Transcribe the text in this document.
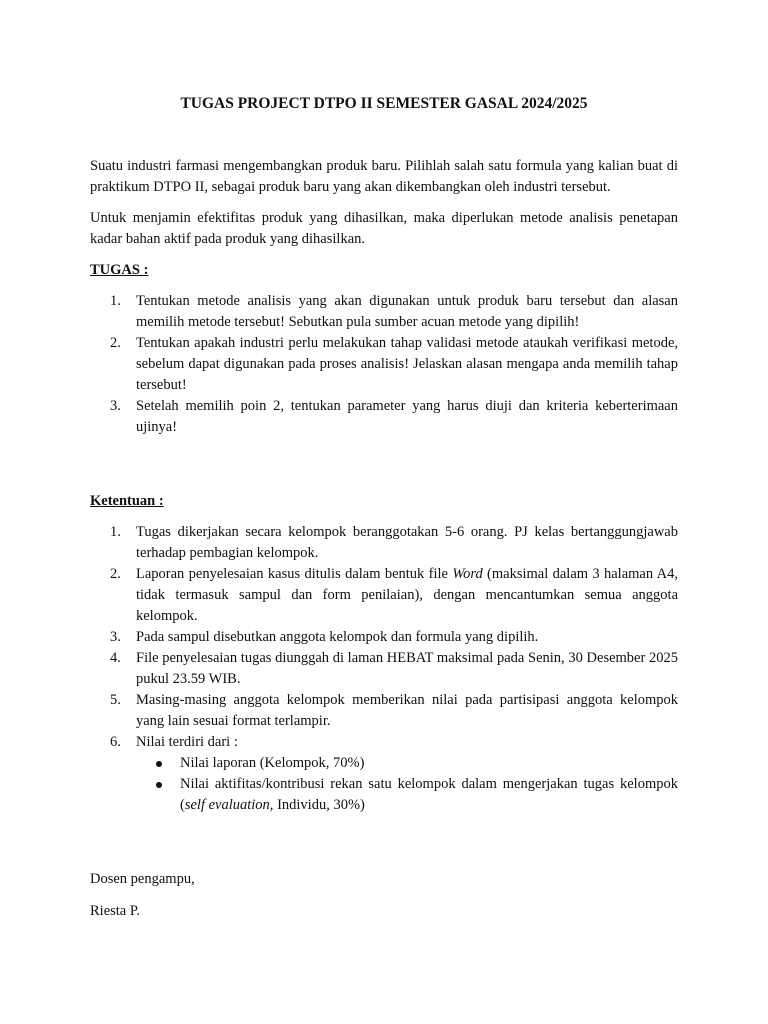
TUGAS PROJECT DTPO II SEMESTER GASAL 2024/2025

Suatu industri farmasi mengembangkan produk baru. Pilihlah salah satu formula yang kalian buat di praktikum DTPO II, sebagai produk baru yang akan dikembangkan oleh industri tersebut.

Untuk menjamin efektifitas produk yang dihasilkan, maka diperlukan metode analisis penetapan kadar bahan aktif pada produk yang dihasilkan.

TUGAS :

1. Tentukan metode analisis yang akan digunakan untuk produk baru tersebut dan alasan memilih metode tersebut! Sebutkan pula sumber acuan metode yang dipilih!
2. Tentukan apakah industri perlu melakukan tahap validasi metode ataukah verifikasi metode, sebelum dapat digunakan pada proses analisis! Jelaskan alasan mengapa anda memilih tahap tersebut!
3. Setelah memilih poin 2, tentukan parameter yang harus diuji dan kriteria keberterimaan ujinya!

Ketentuan :

1. Tugas dikerjakan secara kelompok beranggotakan 5-6 orang. PJ kelas bertanggungjawab terhadap pembagian kelompok.
2. Laporan penyelesaian kasus ditulis dalam bentuk file Word (maksimal dalam 3 halaman A4, tidak termasuk sampul dan form penilaian), dengan mencantumkan semua anggota kelompok.
3. Pada sampul disebutkan anggota kelompok dan formula yang dipilih.
4. File penyelesaian tugas diunggah di laman HEBAT maksimal pada Senin, 30 Desember 2025 pukul 23.59 WIB.
5. Masing-masing anggota kelompok memberikan nilai pada partisipasi anggota kelompok yang lain sesuai format terlampir.
6. Nilai terdiri dari :
Nilai laporan (Kelompok, 70%)
Nilai aktifitas/kontribusi rekan satu kelompok dalam mengerjakan tugas kelompok (self evaluation, Individu, 30%)
Dosen pengampu,
Riesta P.
